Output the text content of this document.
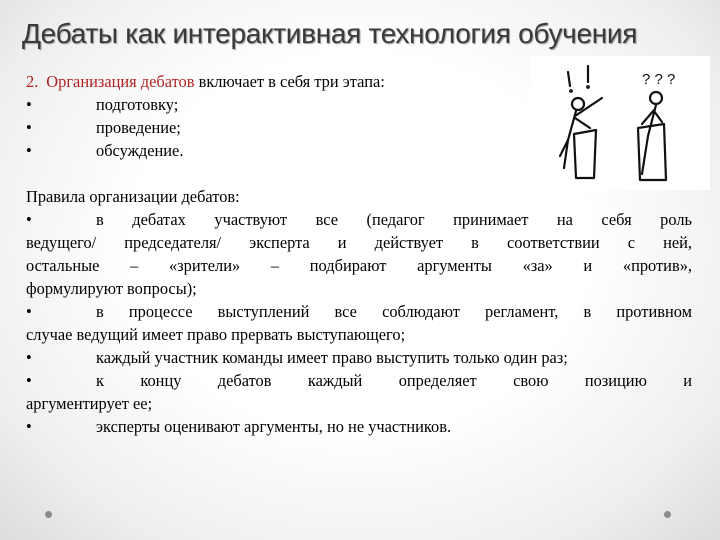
Дебаты как интерактивная технология обучения
? ? ?
2. Организация дебатов включает в себя три этапа:
•	подготовку;
•	проведение;
•	обсуждение.
Правила организации дебатов:
•	в дебатах участвуют все (педагог принимает на себя роль
ведущего/ председателя/ эксперта и действует в соответствии с ней,
остальные – «зрители» – подбирают аргументы «за» и «против»,
формулируют вопросы);
•	в процессе выступлений все соблюдают регламент, в противном
случае ведущий имеет право прервать выступающего;
•	каждый участник команды имеет право выступить только один раз;
•	к концу дебатов каждый определяет свою позицию и
аргументирует ее;
•	эксперты оценивают аргументы, но не участников.
